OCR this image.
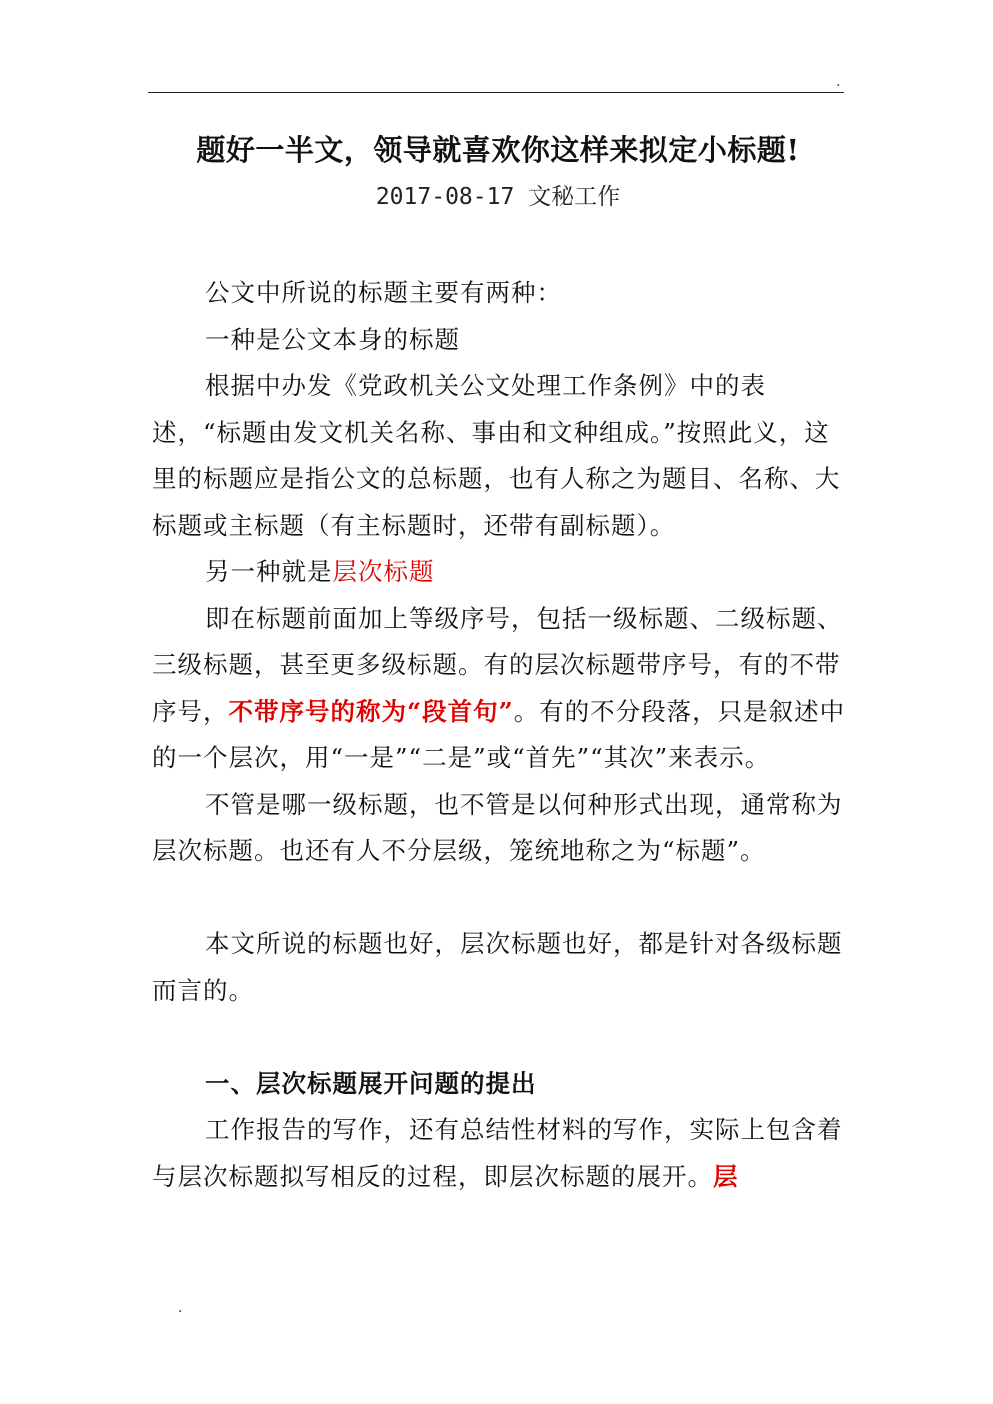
.
题好一半文，领导就喜欢你这样来拟定小标题!
2017-08-17 文秘工作

公文中所说的标题主要有两种：

一种是公文本身的标题

根据中办发《党政机关公文处理工作条例》中的表述，“标题由发文机关名称、事由和文种组成。”按照此义，这里的标题应是指公文的总标题，也有人称之为题目、名称、大标题或主标题（有主标题时，还带有副标题）。

另一种就是层次标题

即在标题前面加上等级序号，包括一级标题、二级标题、三级标题，甚至更多级标题。有的层次标题带序号，有的不带序号，不带序号的称为“段首句”。有的不分段落，只是叙述中的一个层次，用“一是”“二是”或“首先”“其次”来表示。

不管是哪一级标题，也不管是以何种形式出现，通常称为层次标题。也还有人不分层级，笼统地称之为“标题”。

本文所说的标题也好，层次标题也好，都是针对各级标题而言的。

一、层次标题展开问题的提出

工作报告的写作，还有总结性材料的写作，实际上包含着与层次标题拟写相反的过程，即层次标题的展开。层

.
